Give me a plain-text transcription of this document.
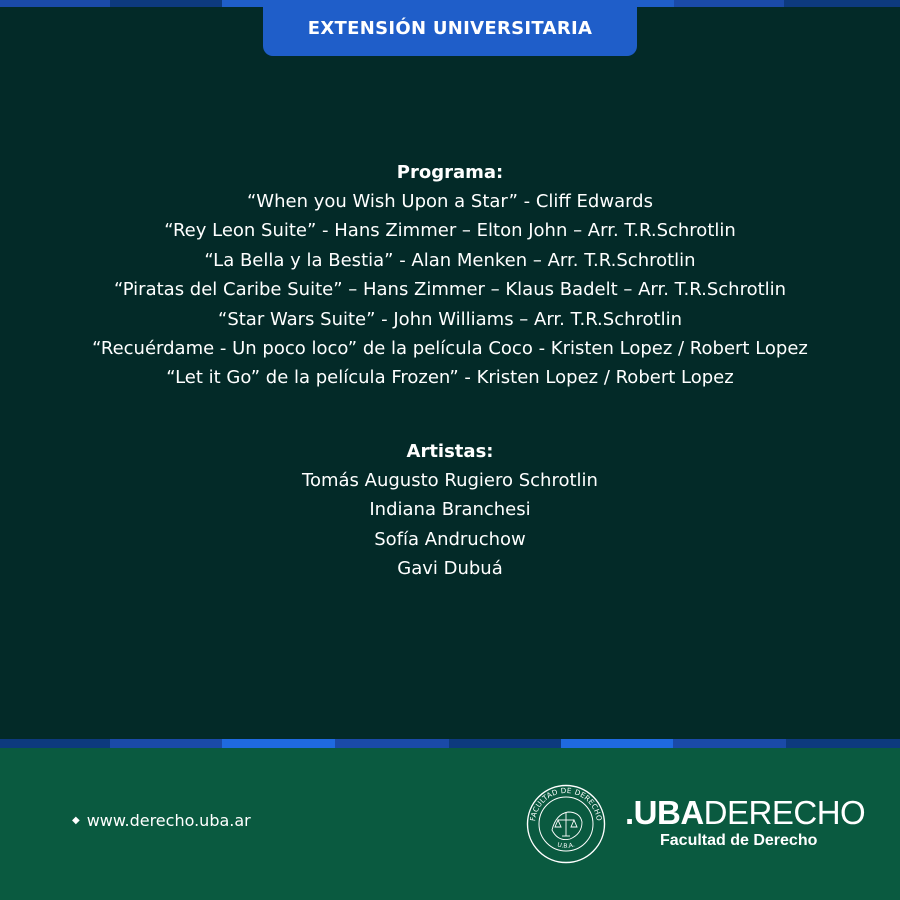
EXTENSIÓN UNIVERSITARIA
Programa:
“When you Wish Upon a Star” - Cliff Edwards
“Rey Leon Suite” - Hans Zimmer – Elton John – Arr. T.R.Schrotlin
“La Bella y la Bestia” - Alan Menken – Arr. T.R.Schrotlin
“Piratas del Caribe Suite” – Hans Zimmer – Klaus Badelt – Arr. T.R.Schrotlin
“Star Wars Suite” - John Williams – Arr. T.R.Schrotlin
“Recuérdame - Un poco loco” de la película Coco - Kristen Lopez / Robert Lopez
“Let it Go” de la película Frozen” - Kristen Lopez / Robert Lopez
Artistas:
Tomás Augusto Rugiero Schrotlin
Indiana Branchesi
Sofía Andruchow
Gavi Dubuá
◆ www.derecho.uba.ar	FACULTAD DE DERECHO
U.B.A.
.UBADERECHO
Facultad de Derecho
